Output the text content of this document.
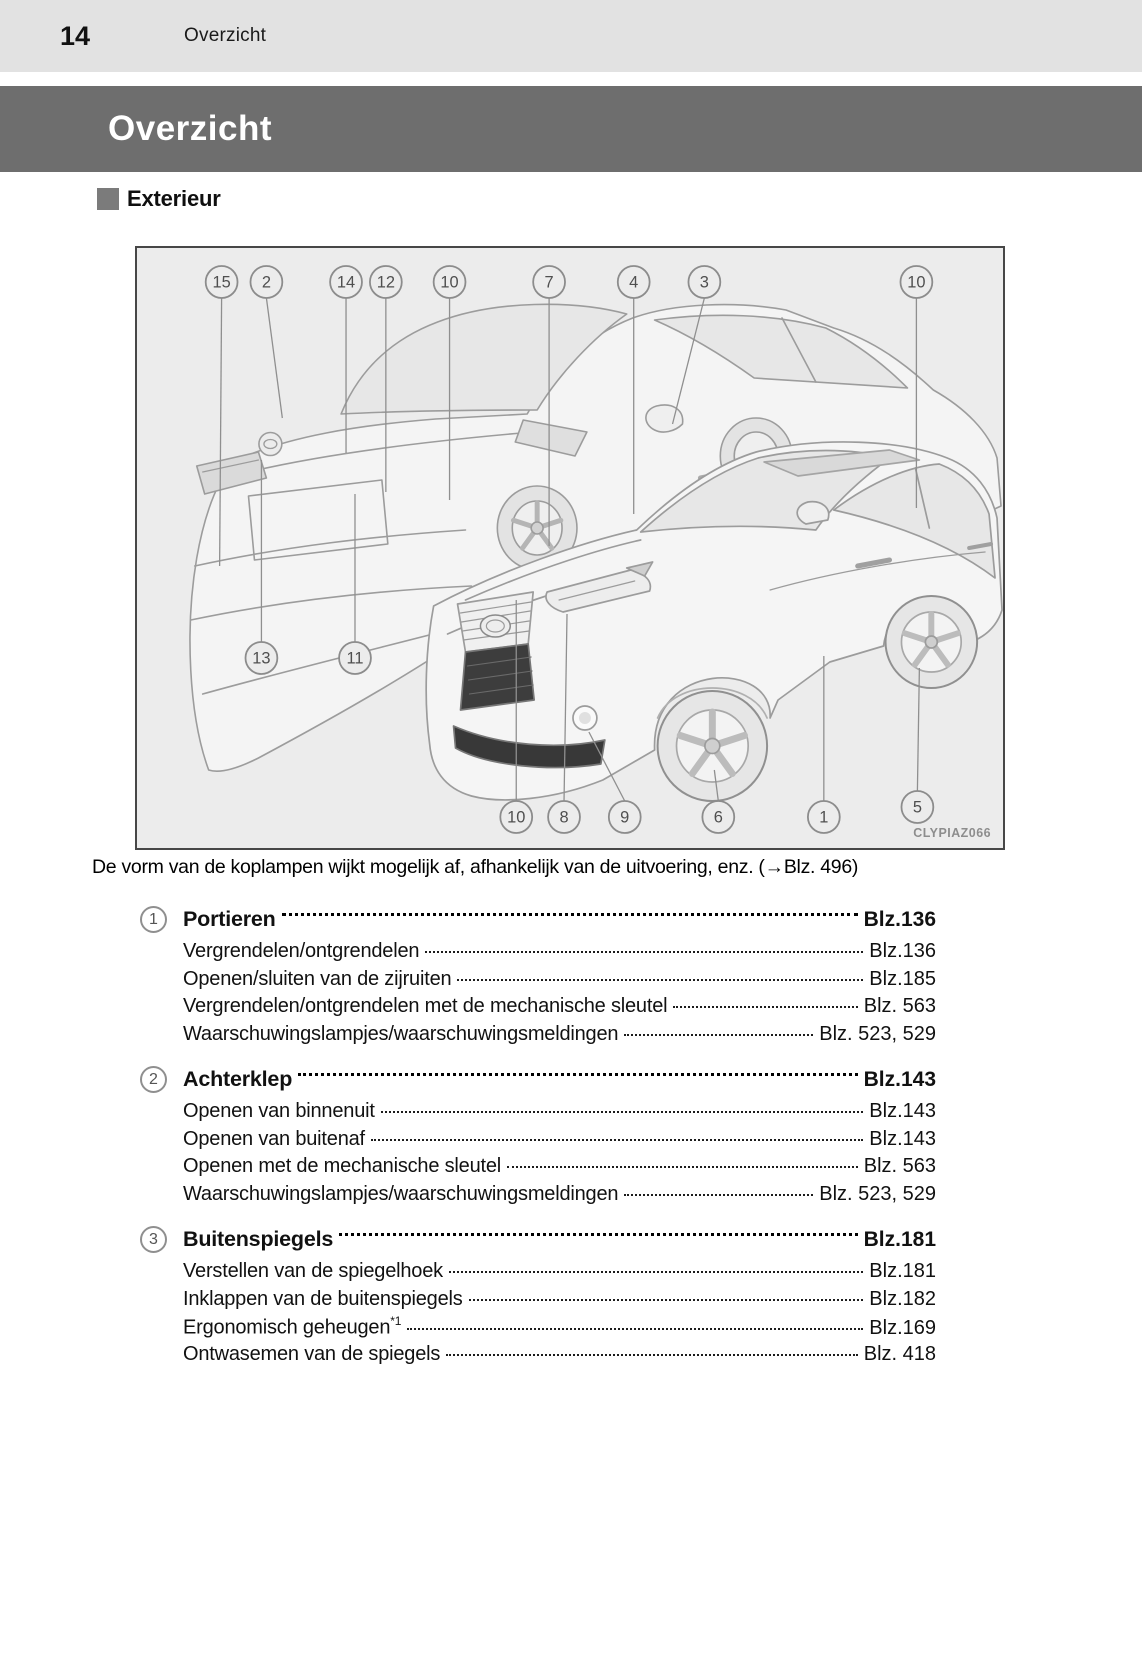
14	Overzicht
Overzicht
Exterieur
15 2	14 12	10	7	4	3	10
13	11
10 8	9	6	1
5
CLYPIAZ066
De vorm van de koplampen wijkt mogelijk af, afhankelijk van de uitvoering, enz. (→Blz. 496)
1	Portieren	Blz.136
Vergrendelen/ontgrendelen	Blz.136
Openen/sluiten van de zijruiten	Blz.185
Vergrendelen/ontgrendelen met de mechanische sleutel	Blz. 563
Waarschuwingslampjes/waarschuwingsmeldingen	Blz. 523, 529
2	Achterklep	Blz.143
Openen van binnenuit	Blz.143
Openen van buitenaf	Blz.143
Openen met de mechanische sleutel	Blz. 563
Waarschuwingslampjes/waarschuwingsmeldingen	Blz. 523, 529
3	Buitenspiegels	Blz.181
Verstellen van de spiegelhoek	Blz.181
Inklappen van de buitenspiegels	Blz.182
Ergonomisch geheugen$^{*1}$	Blz.169
Ontwasemen van de spiegels	Blz. 418
